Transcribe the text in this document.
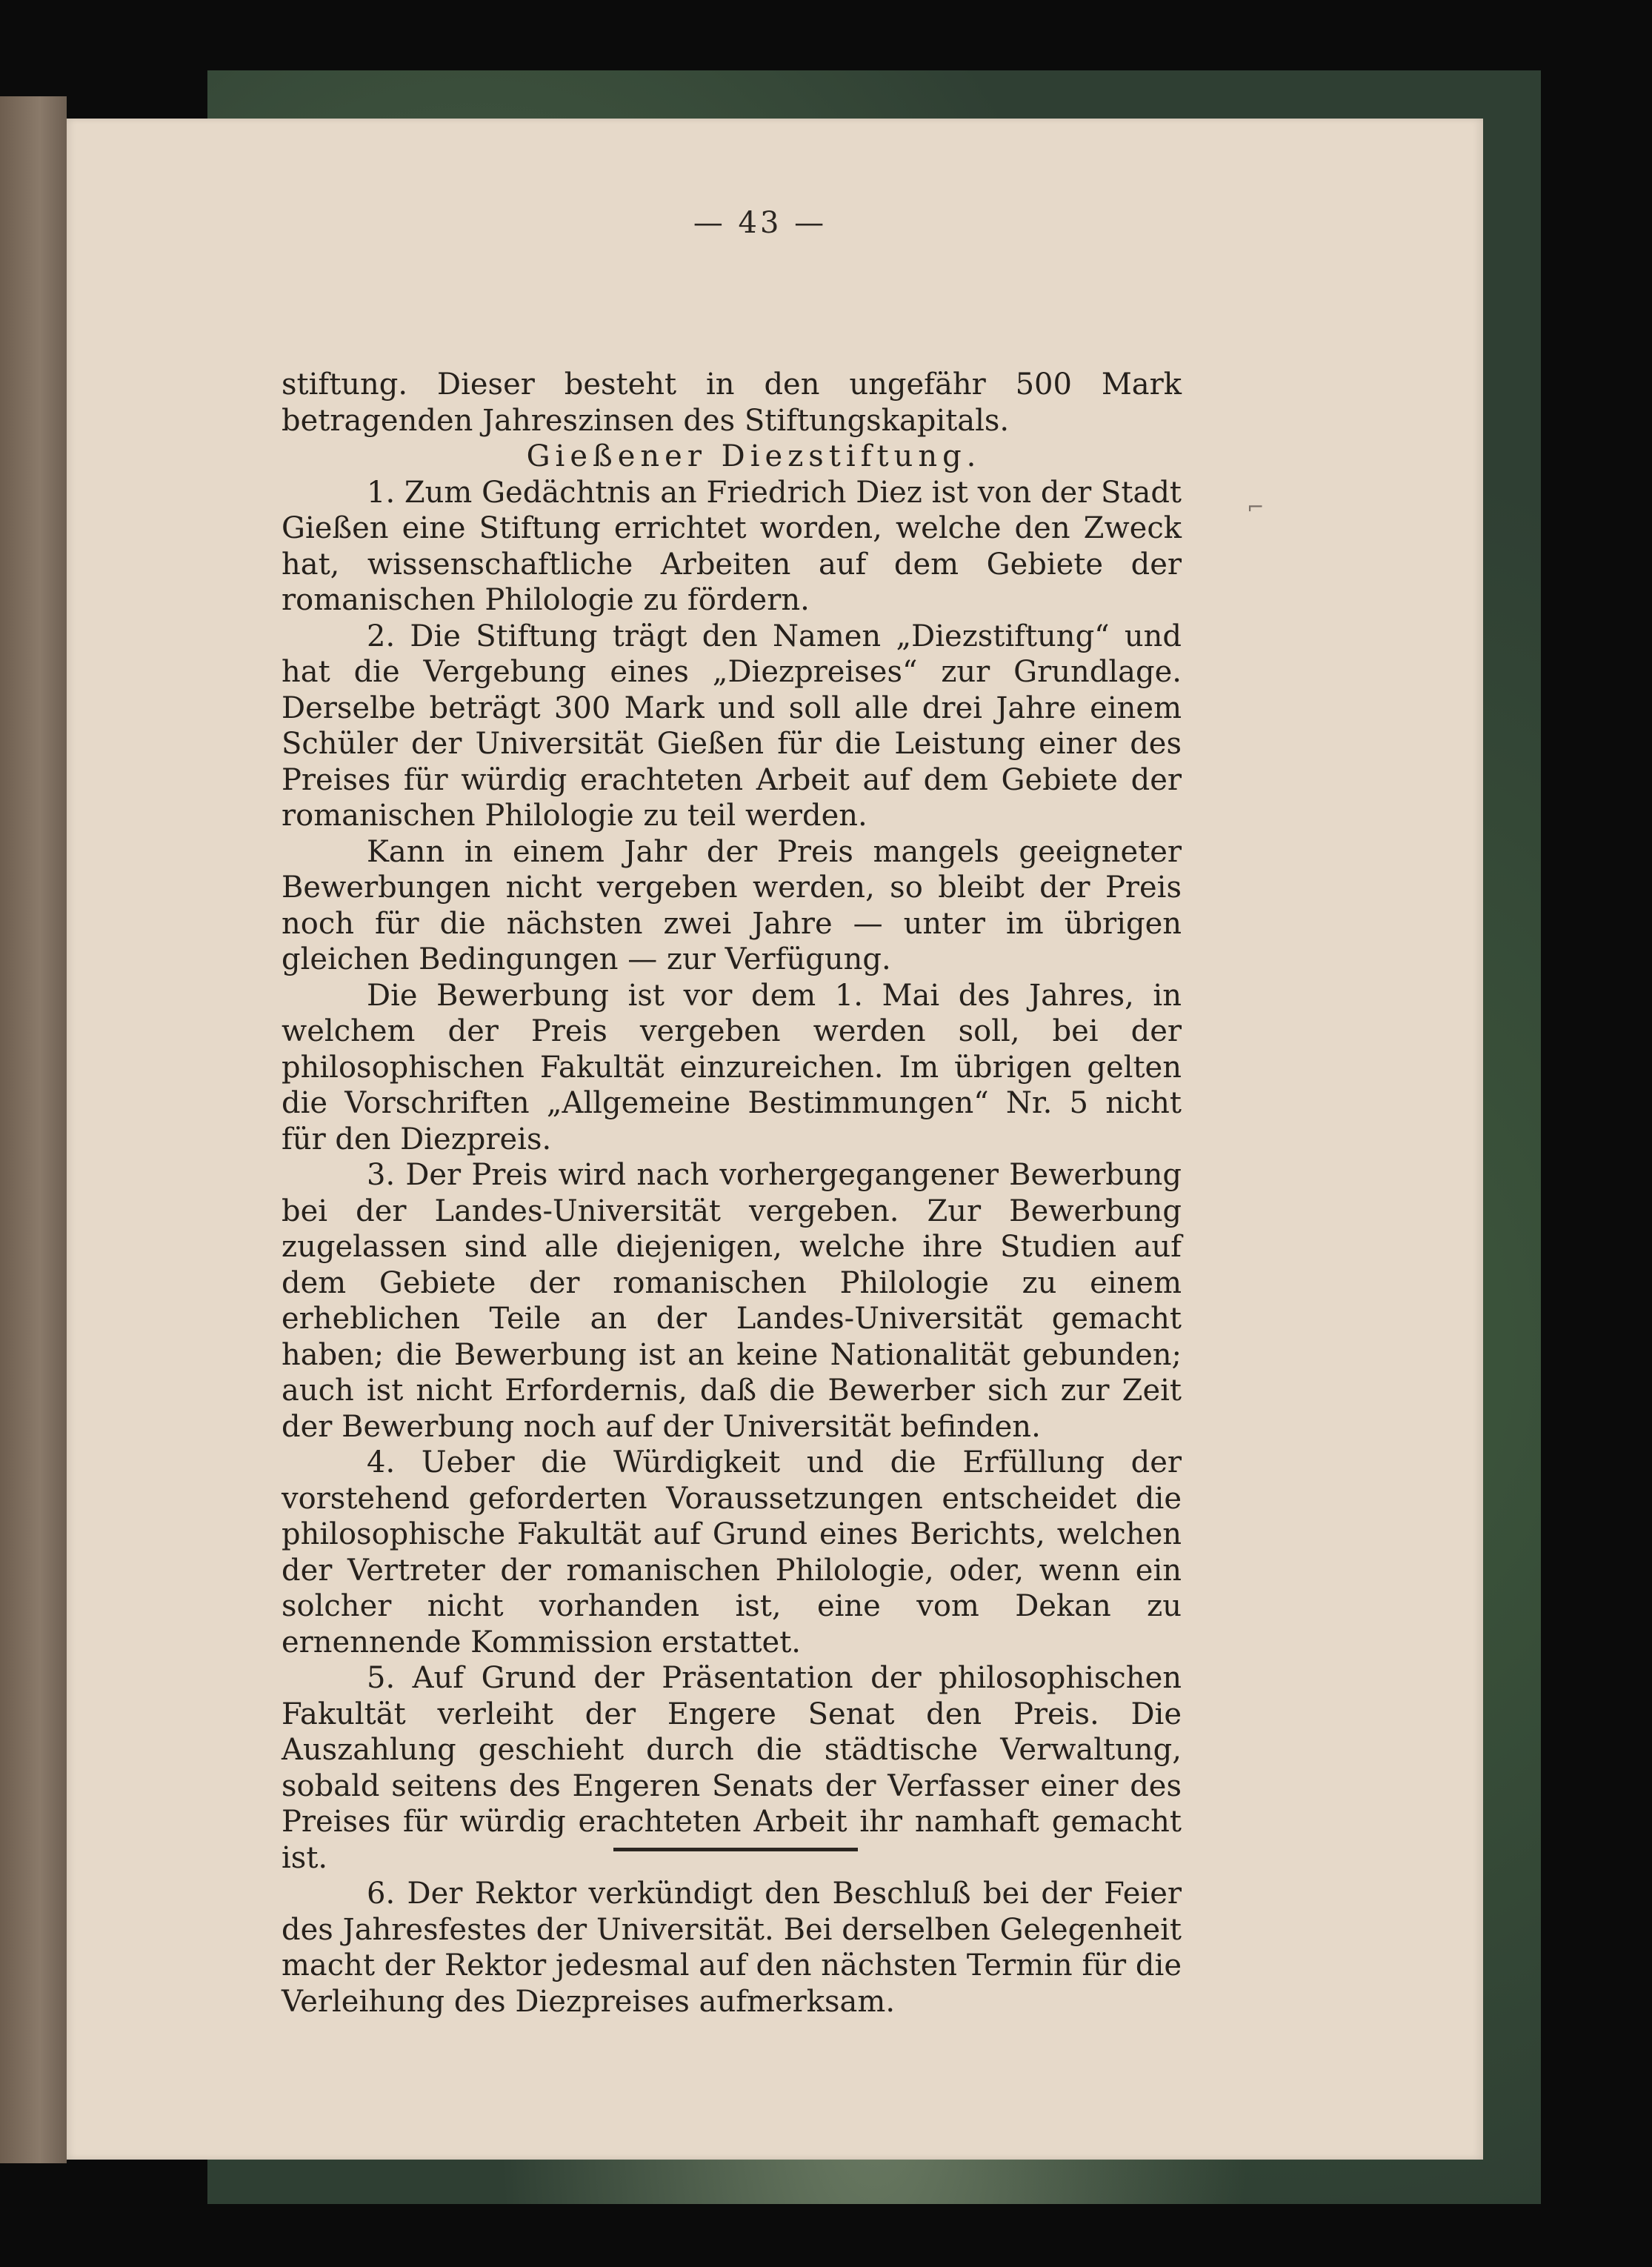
— 43 —
⌐

stiftung. Dieser besteht in den ungefähr 500 Mark betragenden Jahreszinsen des Stiftungskapitals.

Gießener Diezstiftung.

1. Zum Gedächtnis an Friedrich Diez ist von der Stadt Gießen eine Stiftung errichtet worden, welche den Zweck hat, wissenschaftliche Arbeiten auf dem Gebiete der romanischen Philologie zu fördern.

2. Die Stiftung trägt den Namen „Diezstiftung“ und hat die Vergebung eines „Diezpreises“ zur Grundlage. Derselbe beträgt 300 Mark und soll alle drei Jahre einem Schüler der Universität Gießen für die Leistung einer des Preises für würdig erachteten Arbeit auf dem Gebiete der romanischen Philologie zu teil werden.

Kann in einem Jahr der Preis mangels geeigneter Bewerbungen nicht vergeben werden, so bleibt der Preis noch für die nächsten zwei Jahre — unter im übrigen gleichen Bedingungen — zur Verfügung.

Die Bewerbung ist vor dem 1. Mai des Jahres, in welchem der Preis vergeben werden soll, bei der philosophischen Fakultät einzureichen. Im übrigen gelten die Vorschriften „Allgemeine Bestimmungen“ Nr. 5 nicht für den Diezpreis.

3. Der Preis wird nach vorhergegangener Bewerbung bei der Landes-Universität vergeben. Zur Bewerbung zugelassen sind alle diejenigen, welche ihre Studien auf dem Gebiete der romanischen Philologie zu einem erheblichen Teile an der Landes-Universität gemacht haben; die Bewerbung ist an keine Nationalität gebunden; auch ist nicht Erfordernis, daß die Bewerber sich zur Zeit der Bewerbung noch auf der Universität befinden.

4. Ueber die Würdigkeit und die Erfüllung der vorstehend geforderten Voraussetzungen entscheidet die philosophische Fakultät auf Grund eines Berichts, welchen der Vertreter der romanischen Philologie, oder, wenn ein solcher nicht vorhanden ist, eine vom Dekan zu ernennende Kommission erstattet.

5. Auf Grund der Präsentation der philosophischen Fakultät verleiht der Engere Senat den Preis. Die Auszahlung geschieht durch die städtische Verwaltung, sobald seitens des Engeren Senats der Verfasser einer des Preises für würdig erachteten Arbeit ihr namhaft gemacht ist.

6. Der Rektor verkündigt den Beschluß bei der Feier des Jahresfestes der Universität. Bei derselben Gelegenheit macht der Rektor jedesmal auf den nächsten Termin für die Verleihung des Diezpreises aufmerksam.
